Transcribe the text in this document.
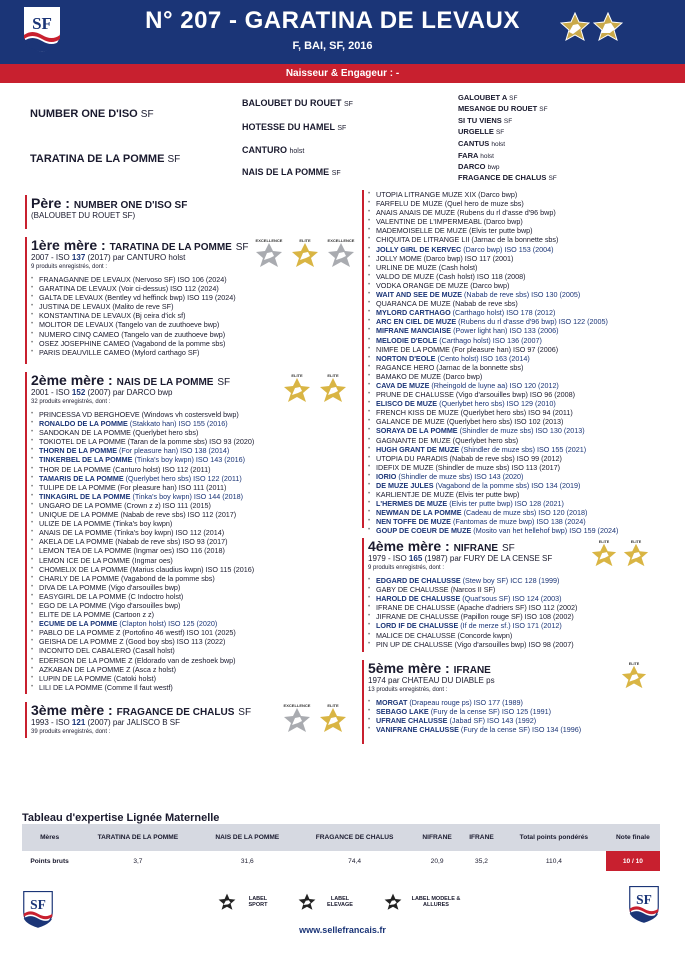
SF	N° 207 - GARATINA DE LEVAUX
F, BAI, SF, 2016
Naisseur & Engageur : -
NUMBER ONE D'ISO SF
TARATINA DE LA POMME SF
BALOUBET DU ROUET SF
HOTESSE DU HAMEL SF
CANTURO holst
NAIS DE LA POMME SF
GALOUBET A SF
MESANGE DU ROUET SF
SI TU VIENS SF
URGELLE SF
CANTUS holst
FARA holst
DARCO bwp
FRAGANCE DE CHALUS SF
Père : NUMBER ONE D'ISO SF
(BALOUBET DU ROUET SF)
1ère mère : TARATINA DE LA POMME SF
2007 - ISO 137 (2017) par CANTURO holst
9 produits enregistrés, dont :
• FRANAGANNE DE LEVAUX (Nervoso SF) ISO 106 (2024)
• GARATINA DE LEVAUX (Voir ci-dessus) ISO 112 (2024)
• GALTA DE LEVAUX (Bentley vd heffinck bwp) ISO 119 (2024)
• JUSTINA DE LEVAUX (Malito de reve SF)
• KONSTANTINA DE LEVAUX (Bj ceira d'ick sf)
• MOLITOR DE LEVAUX (Tangelo van de zuuthoeve bwp)
• NUMERO CINQ CAMEO (Tangelo van de zuuthoeve bwp)
• OSEZ JOSEPHINE CAMEO (Vagabond de la pomme sbs)
• PARIS DEAUVILLE CAMEO (Mylord carthago SF)
2ème mère : NAIS DE LA POMME SF
2001 - ISO 152 (2007) par DARCO bwp
32 produits enregistrés, dont :
• PRINCESSA VD BERGHOEVE (Windows vh costersveld bwp)
• RONALDO DE LA POMME (Stakkato han) ISO 155 (2016)
• SANDOKAN DE LA POMME (Querlybet hero sbs)
• TOKIOTEL DE LA POMME (Taran de la pomme sbs) ISO 93 (2020)
• THORN DE LA POMME (For pleasure han) ISO 138 (2014)
• TINKERBEL DE LA POMME (Tinka's boy kwpn) ISO 143 (2016)
• THOR DE LA POMME (Canturo holst) ISO 112 (2011)
• TAMARIS DE LA POMME (Querlybet hero sbs) ISO 122 (2011)
• TULIPE DE LA POMME (For pleasure han) ISO 111 (2011)
• TINKAGIRL DE LA POMME (Tinka's boy kwpn) ISO 144 (2018)
• UNGARO DE LA POMME (Crown z z) ISO 111 (2015)
• UNIQUE DE LA POMME (Nabab de reve sbs) ISO 112 (2017)
• ULIZE DE LA POMME (Tinka's boy kwpn)
• ANAIS DE LA POMME (Tinka's boy kwpn) ISO 112 (2014)
• AKELA DE LA POMME (Nabab de reve sbs) ISO 93 (2017)
• LEMON TEA DE LA POMME (Ingmar oes) ISO 116 (2018)
• LEMON ICE DE LA POMME (Ingmar oes)
• CHOMELIX DE LA POMME (Marius claudius kwpn) ISO 115 (2016)
• CHARLY DE LA POMME (Vagabond de la pomme sbs)
• DIVA DE LA POMME (Vigo d'arsouilles bwp)
• EASYGIRL DE LA POMME (C Indoctro holst)
• EGO DE LA POMME (Vigo d'arsouilles bwp)
• ELITE DE LA POMME (Cartoon z z)
• ECUME DE LA POMME (Clapton holst) ISO 125 (2020)
• PABLO DE LA POMME Z (Portofino 46 westf) ISO 101 (2025)
• GEISHA DE LA POMME Z (Good boy sbs) ISO 113 (2022)
• INCONITO DEL CABALERO (Casall holst)
• EDERSON DE LA POMME Z (Eldorado van de zeshoek bwp)
• AZKABAN DE LA POMME Z (Asca z holst)
• LUPIN DE LA POMME (Catoki holst)
• LILI DE LA POMME (Comme Il faut westf)
• UTOPIA LITRANGE MUZE XIX (Darco bwp)
• FARFELU DE MUZE (Quel hero de muze sbs)
• ANAIS ANAIS DE MUZE (Rubens du rl d'asse d'96 bwp)
• VALENTINE DE L'IMPERMEABL (Darco bwp)
• MADEMOISELLE DE MUZE (Elvis ter putte bwp)
• CHIQUITA DE LITRANGE LII (Jarnac de la bonnette sbs)
• JOLLY GIRL DE KERVEC (Darco bwp) ISO 153 (2004)
• JOLLY MOME (Darco bwp) ISO 117 (2001)
• URLINE DE MUZE (Cash holst)
• VALDO DE MUZE (Cash holst) ISO 118 (2008)
• VODKA ORANGE DE MUZE (Darco bwp)
• WAIT AND SEE DE MUZE (Nabab de reve sbs) ISO 130 (2005)
• QUARANCA DE MUZE (Nabab de reve sbs)
• MYLORD CARTHAGO (Carthago holst) ISO 178 (2012)
• ARC EN CIEL DE MUZE (Rubens du rl d'asse d'96 bwp) ISO 122 (2005)
• MIFRANE MANCIAISE (Power light han) ISO 133 (2006)
• MELODIE D'EOLE (Carthago holst) ISO 136 (2007)
• NIMFE DE LA POMME (For pleasure han) ISO 97 (2006)
• NORTON D'EOLE (Cento holst) ISO 163 (2014)
• RAGANCE HERO (Jarnac de la bonnette sbs)
• BAMAKO DE MUZE (Darco bwp)
• CAVA DE MUZE (Rheingold de luyne aa) ISO 120 (2012)
• PRUNE DE CHALUSSE (Vigo d'arsouilles bwp) ISO 96 (2008)
• ELISCO DE MUZE (Querlybet hero sbs) ISO 129 (2010)
• FRENCH KISS DE MUZE (Querlybet hero sbs) ISO 94 (2011)
• GALANCE DE MUZE (Querlybet hero sbs) ISO 102 (2013)
• SORAYA DE LA POMME (Shindler de muze sbs) ISO 130 (2013)
• GAGNANTE DE MUZE (Querlybet hero sbs)
• HUGH GRANT DE MUZE (Shindler de muze sbs) ISO 155 (2021)
• UTOPIA DU PARADIS (Nabab de reve sbs) ISO 99 (2012)
• IDEFIX DE MUZE (Shindler de muze sbs) ISO 113 (2017)
• IORIO (Shindler de muze sbs) ISO 143 (2020)
• DE MUZE JULES (Vagabond de la pomme sbs) ISO 134 (2019)
• KARLIENTJE DE MUZE (Elvis ter putte bwp)
• L'HERMES DE MUZE (Elvis ter putte bwp) ISO 128 (2021)
• NEWMAN DE LA POMME (Cadeau de muze sbs) ISO 120 (2018)
• NEN TOFFE DE MUZE (Fantomas de muze bwp) ISO 138 (2024)
• GOUP DE COEUR DE MUZE (Mosito van het hellehof bwp) ISO 159 (2024)
3ème mère : FRAGANCE DE CHALUS SF
1993 - ISO 121 (2007) par JALISCO B SF
39 produits enregistrés, dont :
4ème mère : NIFRANE SF
1979 - ISO 165 (1987) par FURY DE LA CENSE SF
9 produits enregistrés, dont :
• EDGARD DE CHALUSSE (Stew boy SF) ICC 128 (1999)
• GABY DE CHALUSSE (Narcos II SF)
• HAROLD DE CHALUSSE (Quat'sous SF) ISO 124 (2003)
• IFRANE DE CHALUSSE (Apache d'adriers SF) ISO 112 (2002)
• JIFRANE DE CHALUSSE (Papillon rouge SF) ISO 108 (2002)
• LORD IF DE CHALUSSE (If de merze sf.) ISO 171 (2012)
• MALICE DE CHALUSSE (Concorde kwpn)
• PIN UP DE CHALUSSE (Vigo d'arsouilles bwp) ISO 98 (2007)
5ème mère : IFRANE
1974 par CHATEAU DU DIABLE ps
13 produits enregistrés, dont :
• MORGAT (Drapeau rouge ps) ISO 177 (1989)
• SEBAGO LAKE (Fury de la cense SF) ISO 125 (1991)
• UFRANE CHALUSSE (Jabad SF) ISO 143 (1992)
• VANIFRANE CHALUSSE (Fury de la cense SF) ISO 134 (1996)
EXCELLENCE	ELITE	EXCELLENCE
ELITE	ELITE
EXCELLENCE	ELITE
ELITE	ELITE
ELITE
Tableau d'expertise Lignée Maternelle
Mères	TARATINA DE LA POMME	NAIS DE LA POMME	FRAGANCE DE CHALUS	NIFRANE	IFRANE	Total points pondérés	Note finale
Points bruts	3,7	31,6	74,4	20,9	35,2	110,4	10 / 10
SF	SF
LABEL SPORT
LABEL ELEVAGE
LABEL MODELE & ALLURES
www.sellefrancais.fr
